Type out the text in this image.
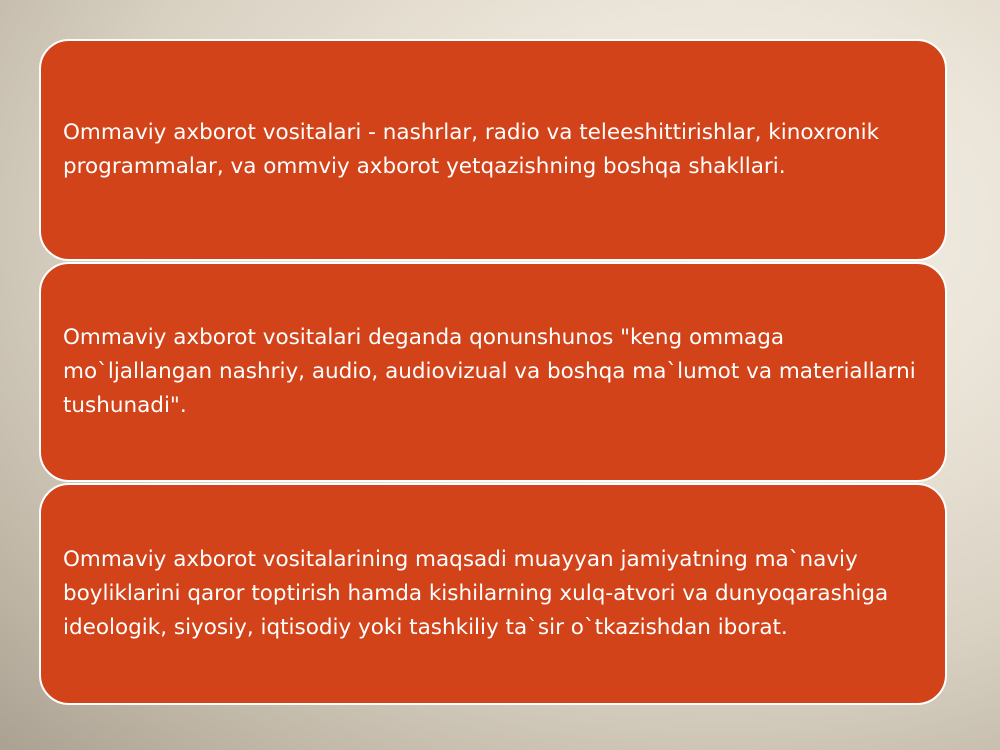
Ommaviy axborot vositalari - nashrlar, radio va teleeshittirishlar, kinoxronik programmalar, va ommviy axborot yetqazishning boshqa shakllari.
Ommaviy axborot vositalari deganda qonunshunos "keng ommaga mo`ljallangan nashriy, audio, audiovizual va boshqa ma`lumot va materiallarni tushunadi".
Ommaviy axborot vositalarining maqsadi muayyan jamiyatning ma`naviy boyliklarini qaror toptirish hamda kishilarning xulq-atvori va dunyoqarashiga ideologik, siyosiy, iqtisodiy yoki tashkiliy ta`sir o`tkazishdan iborat.
